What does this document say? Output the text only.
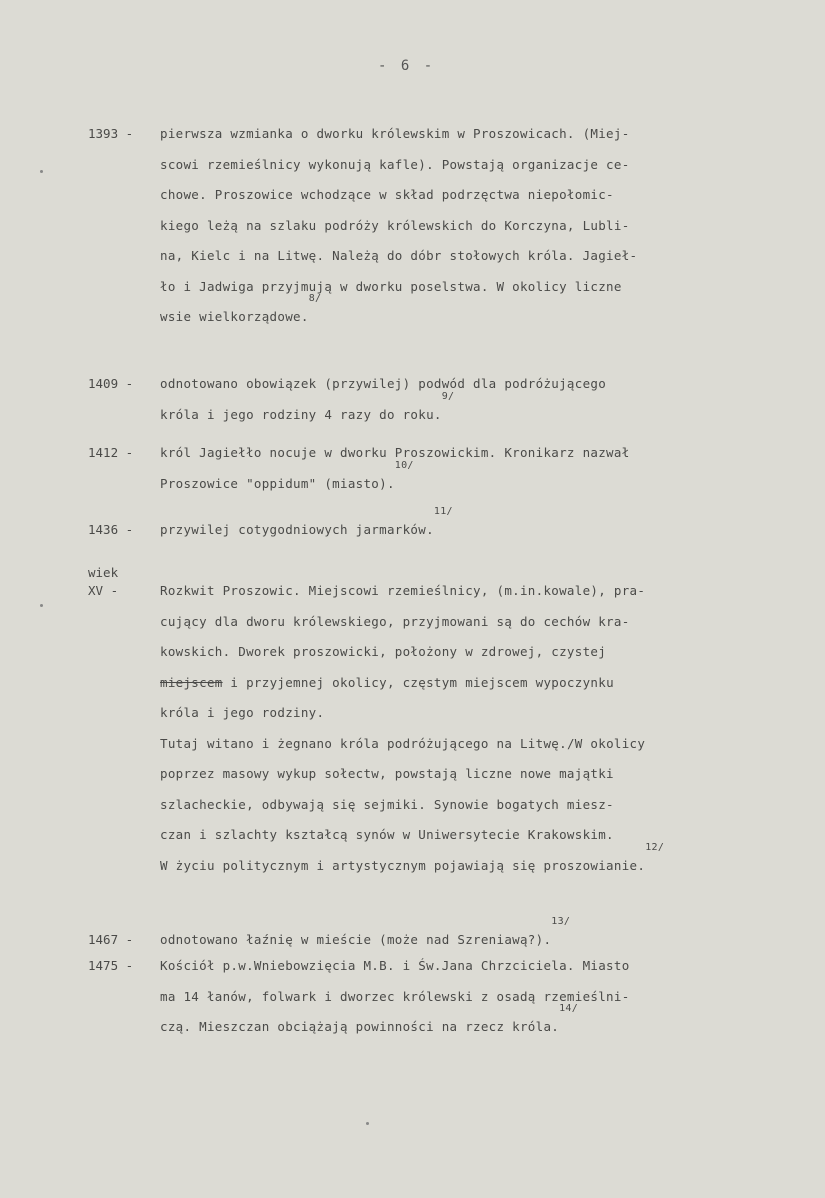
- 6 -
1393 -	pierwsza wzmianka o dworku królewskim w Proszowicach. (Miej-
scowi rzemieślnicy wykonują kafle). Powstają organizacje ce-
chowe. Proszowice wchodzące w skład podrzęctwa niepołomic-
kiego leżą na szlaku podróży królewskich do Korczyna, Lubli-
na, Kielc i na Litwę. Należą do dóbr stołowych króla. Jagieł-
ło i Jadwiga przyjmują w dworku poselstwa. W okolicy liczne
wsie wielkorządowe.$^{8/}$
1409 -	odnotowano obowiązek (przywilej) podwód dla podróżującego
króla i jego rodziny 4 razy do roku.$^{9/}$
1412 -	król Jagiełło nocuje w dworku Proszowickim. Kronikarz nazwał
Proszowice "oppidum" (miasto).$^{10/}$
1436 -	przywilej cotygodniowych jarmarków.$^{11/}$
wiek
XV -	Rozkwit Proszowic. Miejscowi rzemieślnicy, (m.in.kowale), pra-
cujący dla dworu królewskiego, przyjmowani są do cechów kra-
kowskich. Dworek proszowicki, położony w zdrowej, czystej
miejscem i przyjemnej okolicy, częstym miejscem wypoczynku
króla i jego rodziny.
Tutaj witano i żegnano króla podróżującego na Litwę./W okolicy
poprzez masowy wykup sołectw, powstają liczne nowe majątki
szlacheckie, odbywają się sejmiki. Synowie bogatych miesz-
czan i szlachty kształcą synów w Uniwersytecie Krakowskim.
W życiu politycznym i artystycznym pojawiają się proszowianie.$^{12/}$
1467 -	odnotowano łaźnię w mieście (może nad Szreniawą?).$^{13/}$
1475 -	Kościół p.w.Wniebowzięcia M.B. i Św.Jana Chrzciciela. Miasto
ma 14 łanów, folwark i dworzec królewski z osadą rzemieślni-
czą. Mieszczan obciążają powinności na rzecz króla.$^{14/}$
